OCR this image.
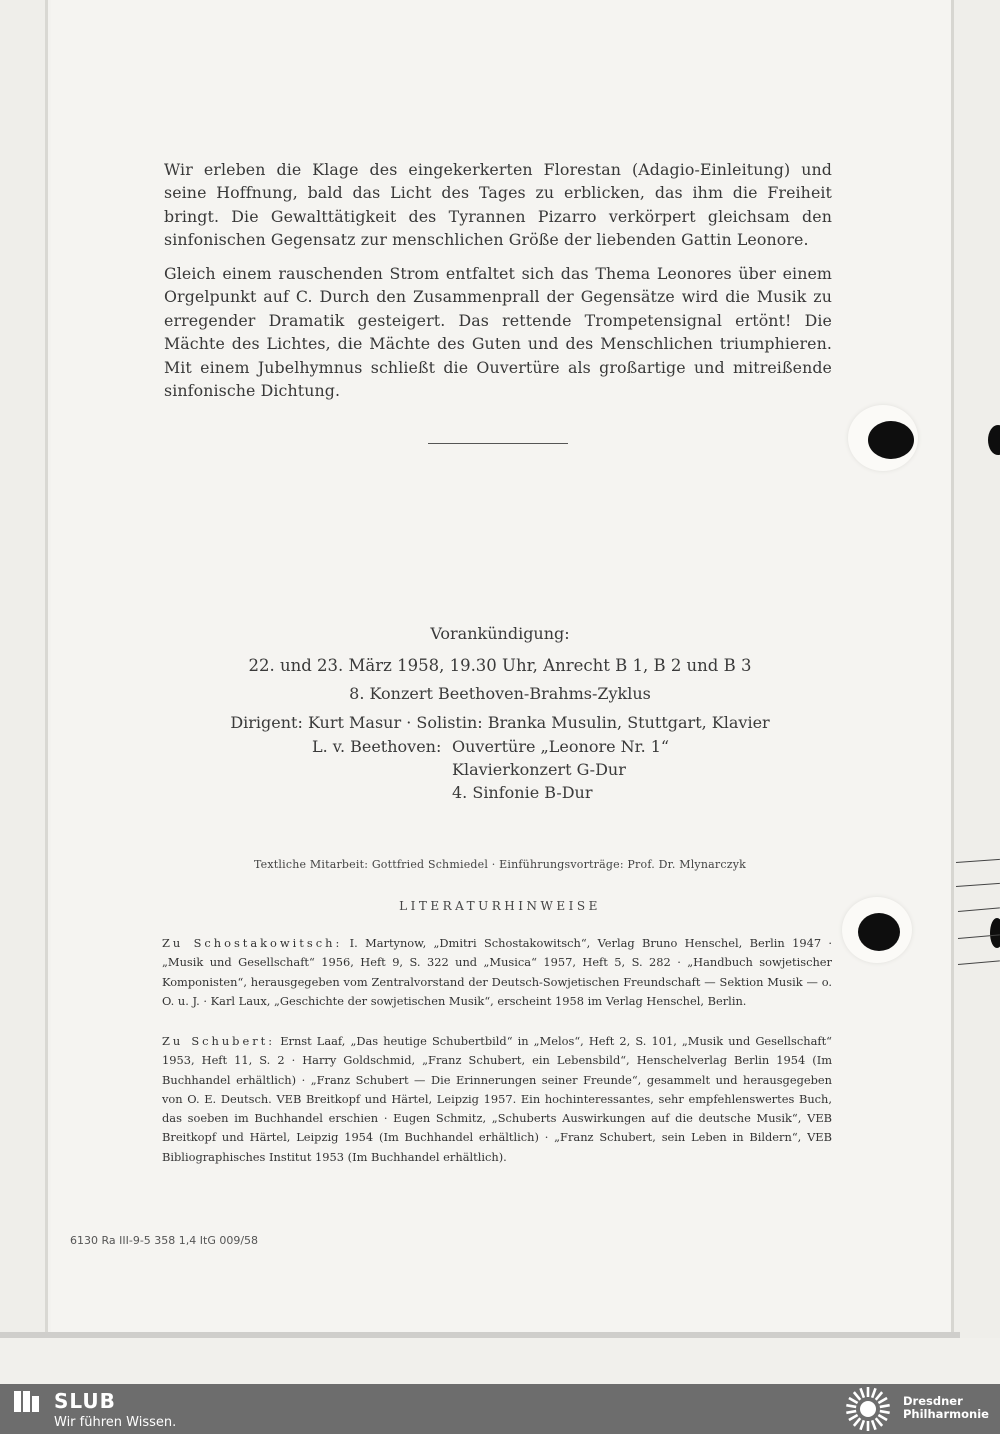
Wir erleben die Klage des eingekerkerten Florestan (Adagio-Einleitung) und seine Hoffnung, bald das Licht des Tages zu erblicken, das ihm die Freiheit bringt. Die Gewalttätigkeit des Tyrannen Pizarro verkörpert gleichsam den sinfonischen Gegensatz zur menschlichen Größe der liebenden Gattin Leonore.

Gleich einem rauschenden Strom entfaltet sich das Thema Leonores über einem Orgelpunkt auf C. Durch den Zusammenprall der Gegensätze wird die Musik zu erregender Dramatik gesteigert. Das rettende Trompetensignal ertönt! Die Mächte des Lichtes, die Mächte des Guten und des Menschlichen triumphieren. Mit einem Jubelhymnus schließt die Ouvertüre als großartige und mitreißende sinfonische Dichtung.

Vorankündigung:
22. und 23. März 1958, 19.30 Uhr, Anrecht B 1, B 2 und B 3
8. Konzert Beethoven-Brahms-Zyklus
Dirigent: Kurt Masur · Solistin: Branka Musulin, Stuttgart, Klavier
L. v. Beethoven: Ouvertüre „Leonore Nr. 1“
Klavierkonzert G-Dur
4. Sinfonie B-Dur
Textliche Mitarbeit: Gottfried Schmiedel · Einführungsvorträge: Prof. Dr. Mlynarczyk
LITERATURHINWEISE

Zu Schostakowitsch: I. Martynow, „Dmitri Schostakowitsch“, Verlag Bruno Henschel, Berlin 1947 · „Musik und Gesellschaft“ 1956, Heft 9, S. 322 und „Musica“ 1957, Heft 5, S. 282 · „Handbuch sowjetischer Komponisten“, herausgegeben vom Zentralvorstand der Deutsch-Sowjetischen Freundschaft — Sektion Musik — o. O. u. J. · Karl Laux, „Geschichte der sowjetischen Musik“, erscheint 1958 im Verlag Henschel, Berlin.

Zu Schubert: Ernst Laaf, „Das heutige Schubertbild“ in „Melos“, Heft 2, S. 101, „Musik und Gesellschaft“ 1953, Heft 11, S. 2 · Harry Goldschmid, „Franz Schubert, ein Lebensbild“, Henschelverlag Berlin 1954 (Im Buchhandel erhältlich) · „Franz Schubert — Die Erinnerungen seiner Freunde“, gesammelt und herausgegeben von O. E. Deutsch. VEB Breitkopf und Härtel, Leipzig 1957. Ein hochinteressantes, sehr empfehlenswertes Buch, das soeben im Buchhandel erschien · Eugen Schmitz, „Schuberts Auswirkungen auf die deutsche Musik“, VEB Breitkopf und Härtel, Leipzig 1954 (Im Buchhandel erhältlich) · „Franz Schubert, sein Leben in Bildern“, VEB Bibliographisches Institut 1953 (Im Buchhandel erhältlich).

6130 Ra III-9-5 358 1,4 ItG 009/58
SLUB
Wir führen Wissen.
Dresdner
Philharmonie
